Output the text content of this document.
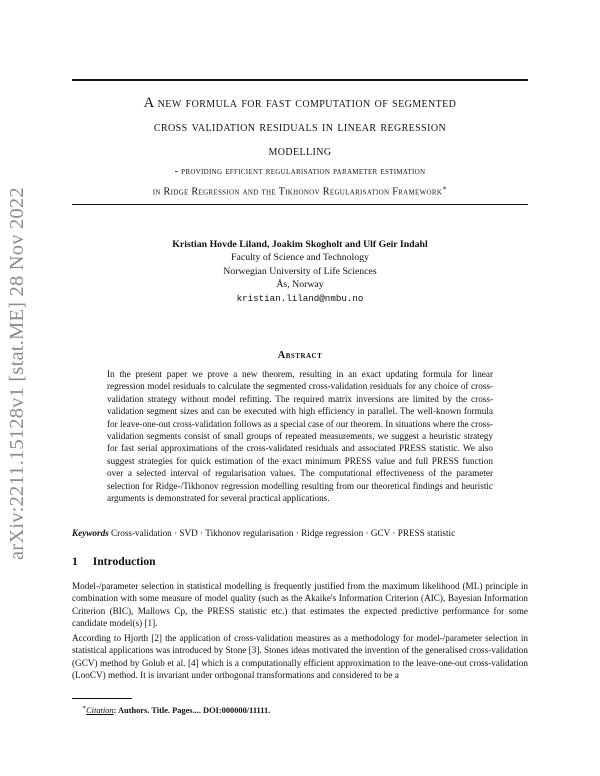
arXiv:2211.15128v1 [stat.ME] 28 Nov 2022
A new formula for fast computation of segmented
cross validation residuals in linear regression
modelling
- providing efficient regularisation parameter estimation
in Ridge Regression and the Tikhonov Regularisation Framework∗
Kristian Hovde Liland, Joakim Skogholt and Ulf Geir Indahl
Faculty of Science and Technology
Norwegian University of Life Sciences
Ås, Norway
kristian.liland@nmbu.no
Abstract
In the present paper we prove a new theorem, resulting in an exact updating formula for linear regression model residuals to calculate the segmented cross-validation residuals for any choice of cross-validation strategy without model refitting. The required matrix inversions are limited by the cross-validation segment sizes and can be executed with high efficiency in parallel. The well-known formula for leave-one-out cross-validation follows as a special case of our theorem. In situations where the cross-validation segments consist of small groups of repeated measurements, we suggest a heuristic strategy for fast serial approximations of the cross-validated residuals and associated PRESS statistic. We also suggest strategies for quick estimation of the exact minimum PRESS value and full PRESS function over a selected interval of regularisation values. The computational effectiveness of the parameter selection for Ridge-/Tikhonov regression modelling resulting from our theoretical findings and heuristic arguments is demonstrated for several practical applications.
Keywords Cross-validation · SVD · Tikhonov regularisation · Ridge regression · GCV · PRESS statistic
1 Introduction
Model-/parameter selection in statistical modelling is frequently justified from the maximum likelihood (ML) principle in combination with some measure of model quality (such as the Akaike's Information Criterion (AIC), Bayesian Information Criterion (BIC), Mallows Cp, the PRESS statistic etc.) that estimates the expected predictive performance for some candidate model(s) [1].
According to Hjorth [2] the application of cross-validation measures as a methodology for model-/parameter selection in statistical applications was introduced by Stone [3]. Stones ideas motivated the invention of the generalised cross-validation (GCV) method by Golub et al. [4] which is a computationally efficient approximation to the leave-one-out cross-validation (LooCV) method. It is invariant under orthogonal transformations and considered to be a
∗Citation: Authors. Title. Pages.... DOI:000000/11111.
